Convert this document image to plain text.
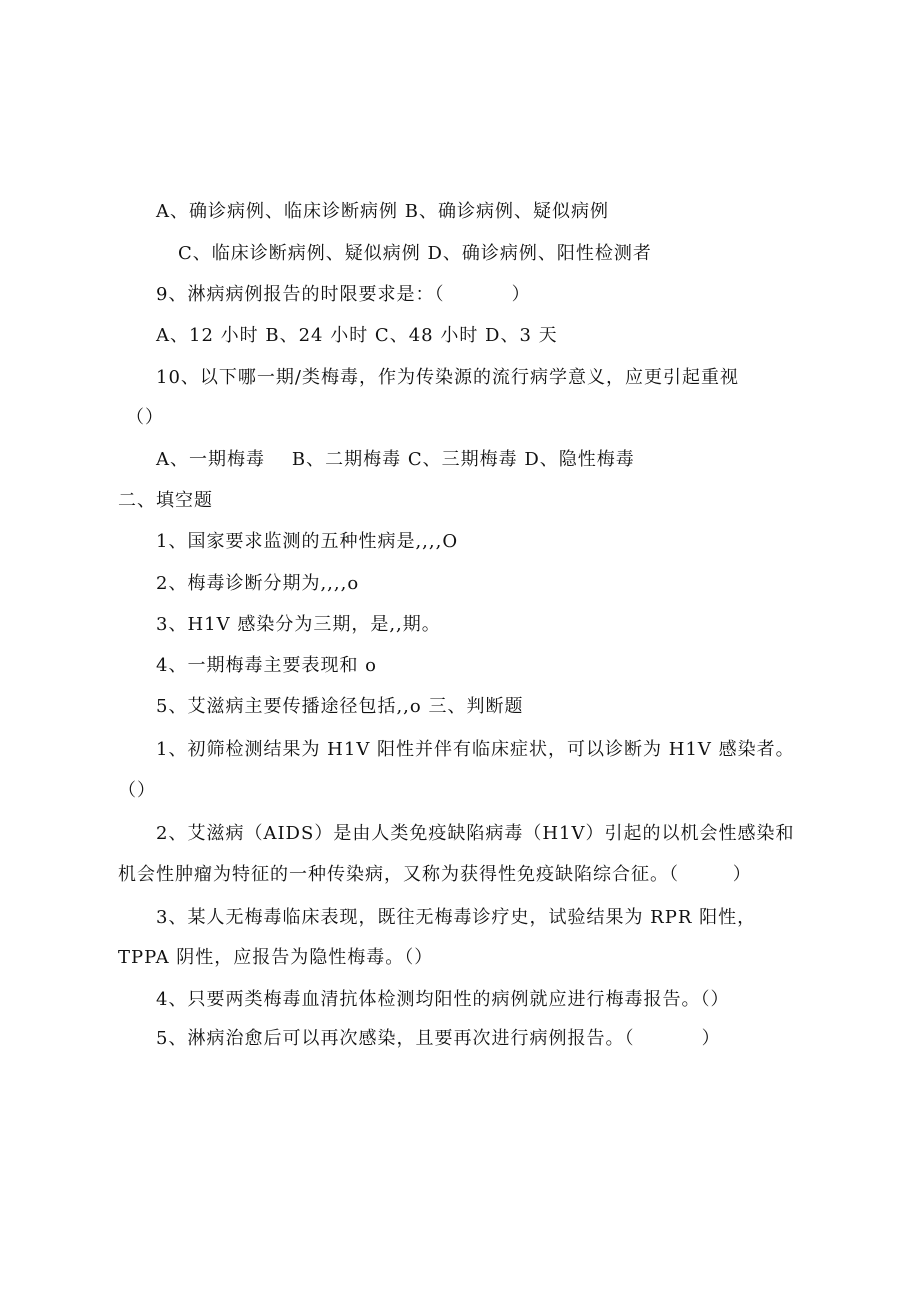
A、确诊病例、临床诊断病例 B、确诊病例、疑似病例
C、临床诊断病例、疑似病例 D、确诊病例、阳性检测者
9、淋病病例报告的时限要求是：（          ）
A、12 小时 B、24 小时 C、48 小时 D、3 天
10、以下哪一期/类梅毒，作为传染源的流行病学意义，应更引起重视
（）
A、一期梅毒    B、二期梅毒 C、三期梅毒 D、隐性梅毒
二、填空题
1、国家要求监测的五种性病是,,,,O
2、梅毒诊断分期为,,,,o
3、H1V 感染分为三期，是,,期。
4、一期梅毒主要表现和 o
5、艾滋病主要传播途径包括,,o 三、判断题
1、初筛检测结果为 H1V 阳性并伴有临床症状，可以诊断为 H1V 感染者。
（）
2、艾滋病（AIDS）是由人类免疫缺陷病毒（H1V）引起的以机会性感染和
机会性肿瘤为特征的一种传染病，又称为获得性免疫缺陷综合征。（        ）
3、某人无梅毒临床表现，既往无梅毒诊疗史，试验结果为 RPR 阳性，
TPPA 阴性，应报告为隐性梅毒。（）
4、只要两类梅毒血清抗体检测均阳性的病例就应进行梅毒报告。（）
5、淋病治愈后可以再次感染，且要再次进行病例报告。（          ）
